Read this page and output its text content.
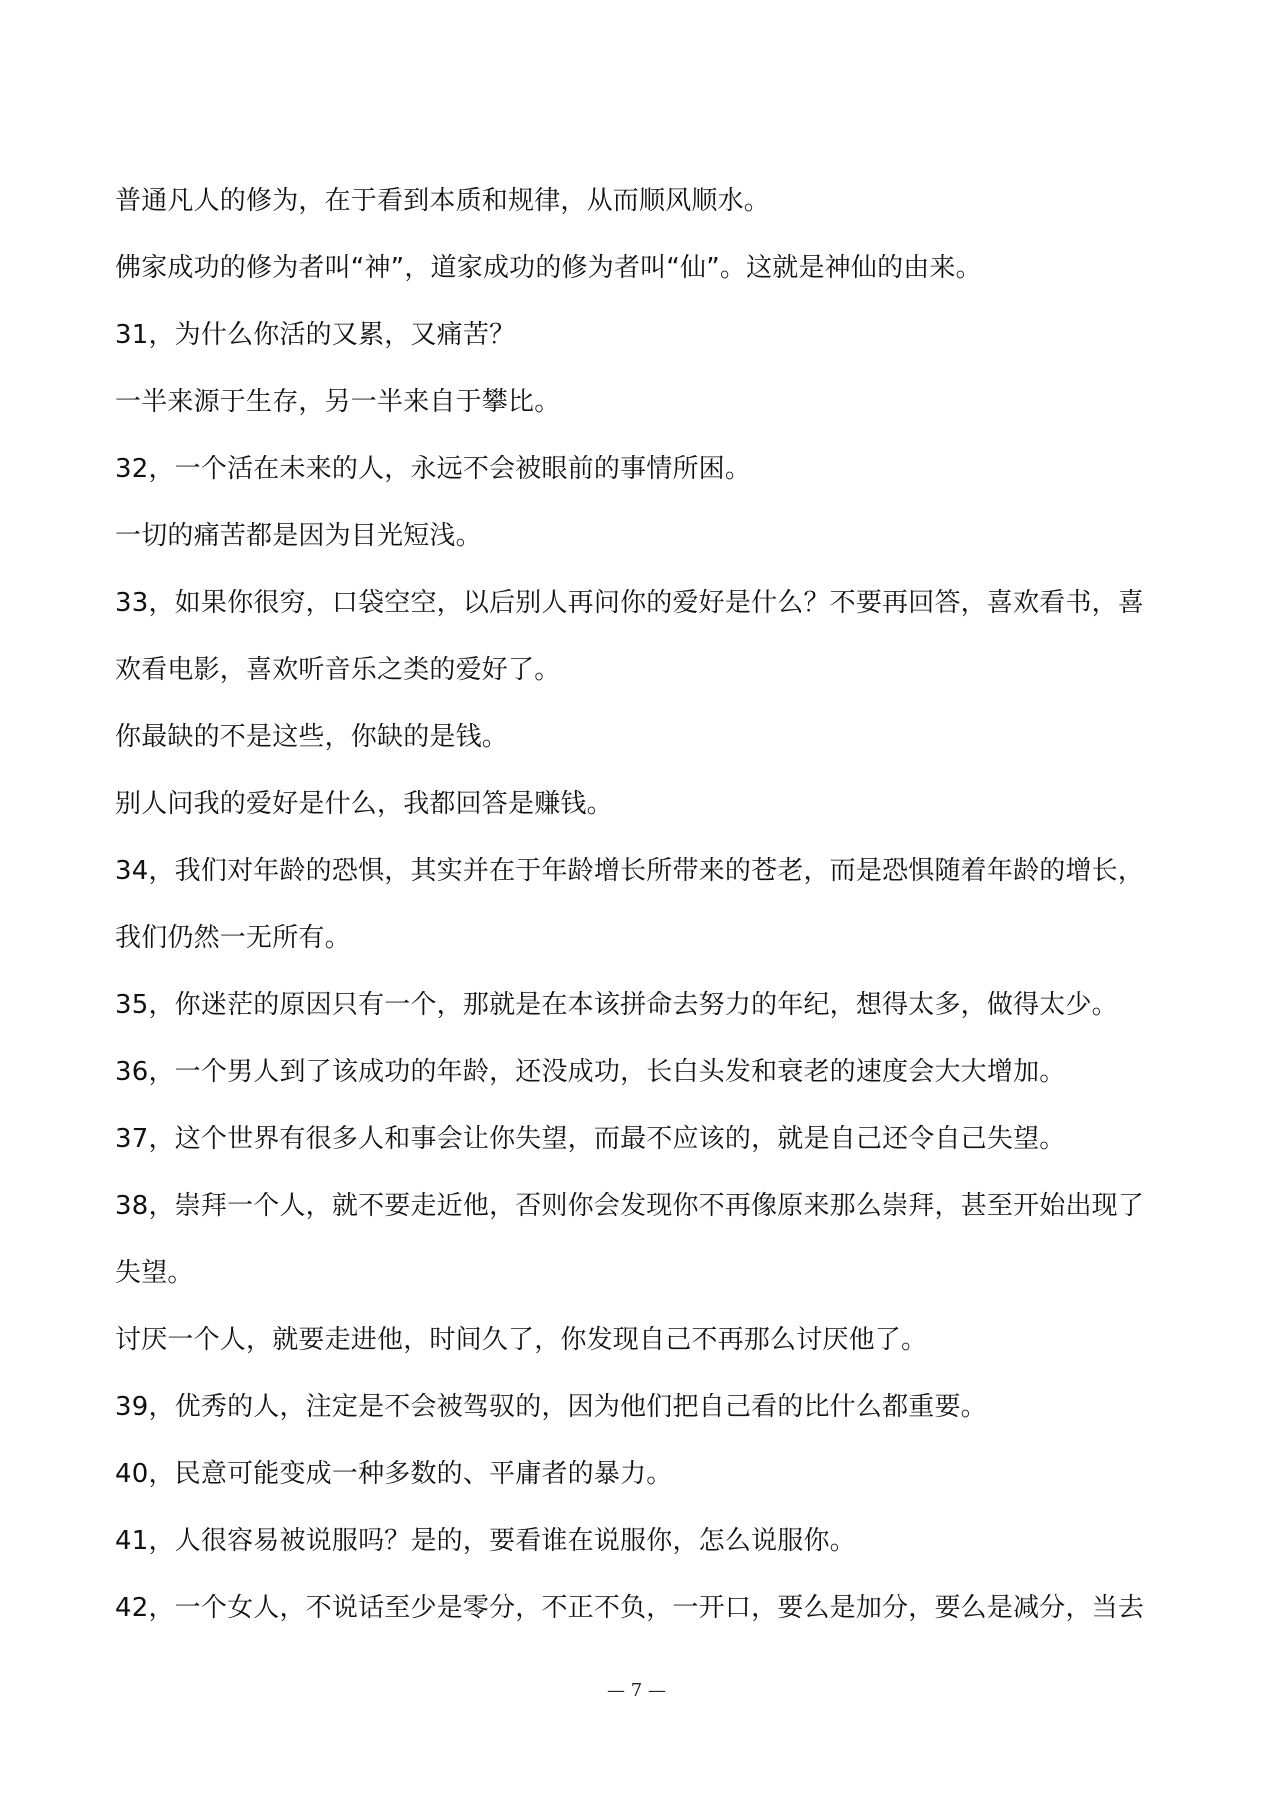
普通凡人的修为，在于看到本质和规律，从而顺风顺水。
佛家成功的修为者叫“神”，道家成功的修为者叫“仙”。这就是神仙的由来。
31，为什么你活的又累，又痛苦？
一半来源于生存，另一半来自于攀比。
32，一个活在未来的人，永远不会被眼前的事情所困。
一切的痛苦都是因为目光短浅。
33，如果你很穷，口袋空空，以后别人再问你的爱好是什么？不要再回答，喜欢看书，喜
欢看电影，喜欢听音乐之类的爱好了。
你最缺的不是这些，你缺的是钱。
别人问我的爱好是什么，我都回答是赚钱。
34，我们对年龄的恐惧，其实并在于年龄增长所带来的苍老，而是恐惧随着年龄的增长，
我们仍然一无所有。
35，你迷茫的原因只有一个，那就是在本该拼命去努力的年纪，想得太多，做得太少。
36，一个男人到了该成功的年龄，还没成功，长白头发和衰老的速度会大大增加。
37，这个世界有很多人和事会让你失望，而最不应该的，就是自己还令自己失望。
38，崇拜一个人，就不要走近他，否则你会发现你不再像原来那么崇拜，甚至开始出现了
失望。
讨厌一个人，就要走进他，时间久了，你发现自己不再那么讨厌他了。
39，优秀的人，注定是不会被驾驭的，因为他们把自己看的比什么都重要。
40，民意可能变成一种多数的、平庸者的暴力。
41，人很容易被说服吗？是的，要看谁在说服你，怎么说服你。
42，一个女人，不说话至少是零分，不正不负，一开口，要么是加分，要么是减分，当去
— 7 —
